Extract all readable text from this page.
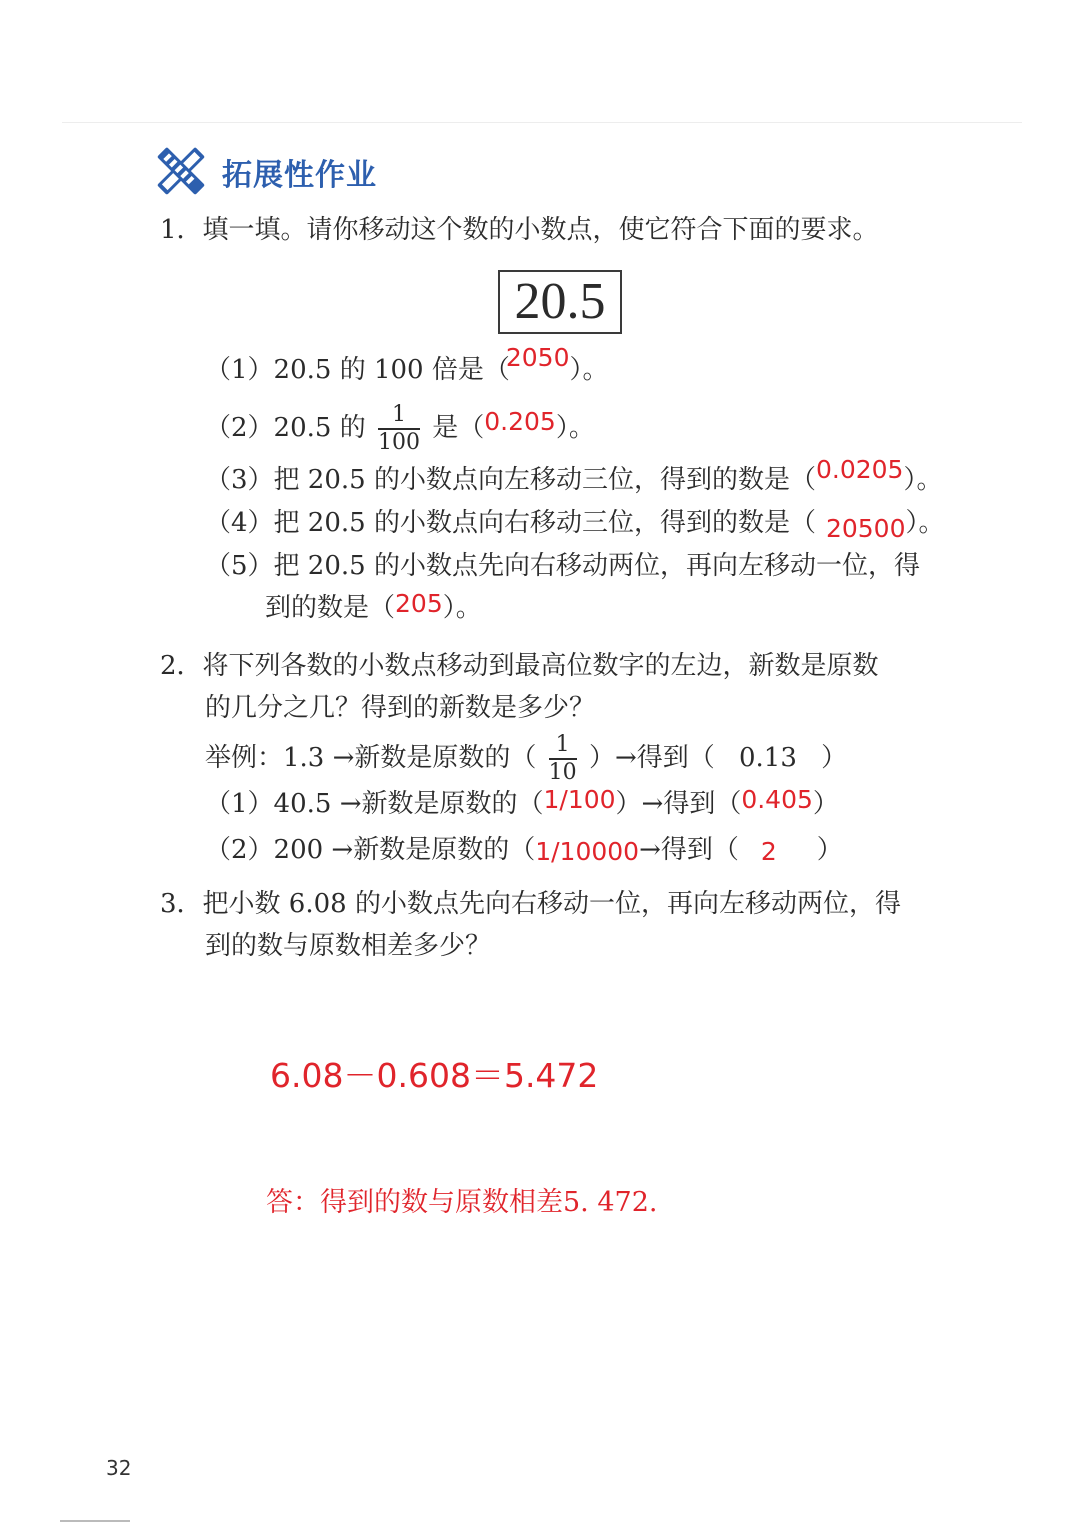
拓展性作业
1．填一填。请你移动这个数的小数点，使它符合下面的要求。
20.5
（1）20.5 的 100 倍是（2050）。
（2）20.5 的 $\frac{1}{100}$ 是（0.205）。
（3）把 20.5 的小数点向左移动三位，得到的数是（0.0205）。
（4）把 20.5 的小数点向右移动三位，得到的数是（ 20500）。
（5）把 20.5 的小数点先向右移动两位，再向左移动一位，得
到的数是（205）。
2．将下列各数的小数点移动到最高位数字的左边，新数是原数
的几分之几？得到的新数是多少？
举例：1.3 →新数是原数的（ $\frac{1}{10}$ ）→得到（ 0.13 ）
（1）40.5 →新数是原数的（1/100）→得到（0.405）
（2）200 →新数是原数的（1/10000→得到（ 2 ）
3．把小数 6.08 的小数点先向右移动一位，再向左移动两位，得
到的数与原数相差多少？
6.08－0.608＝5.472
答：得到的数与原数相差5. 472.
32
